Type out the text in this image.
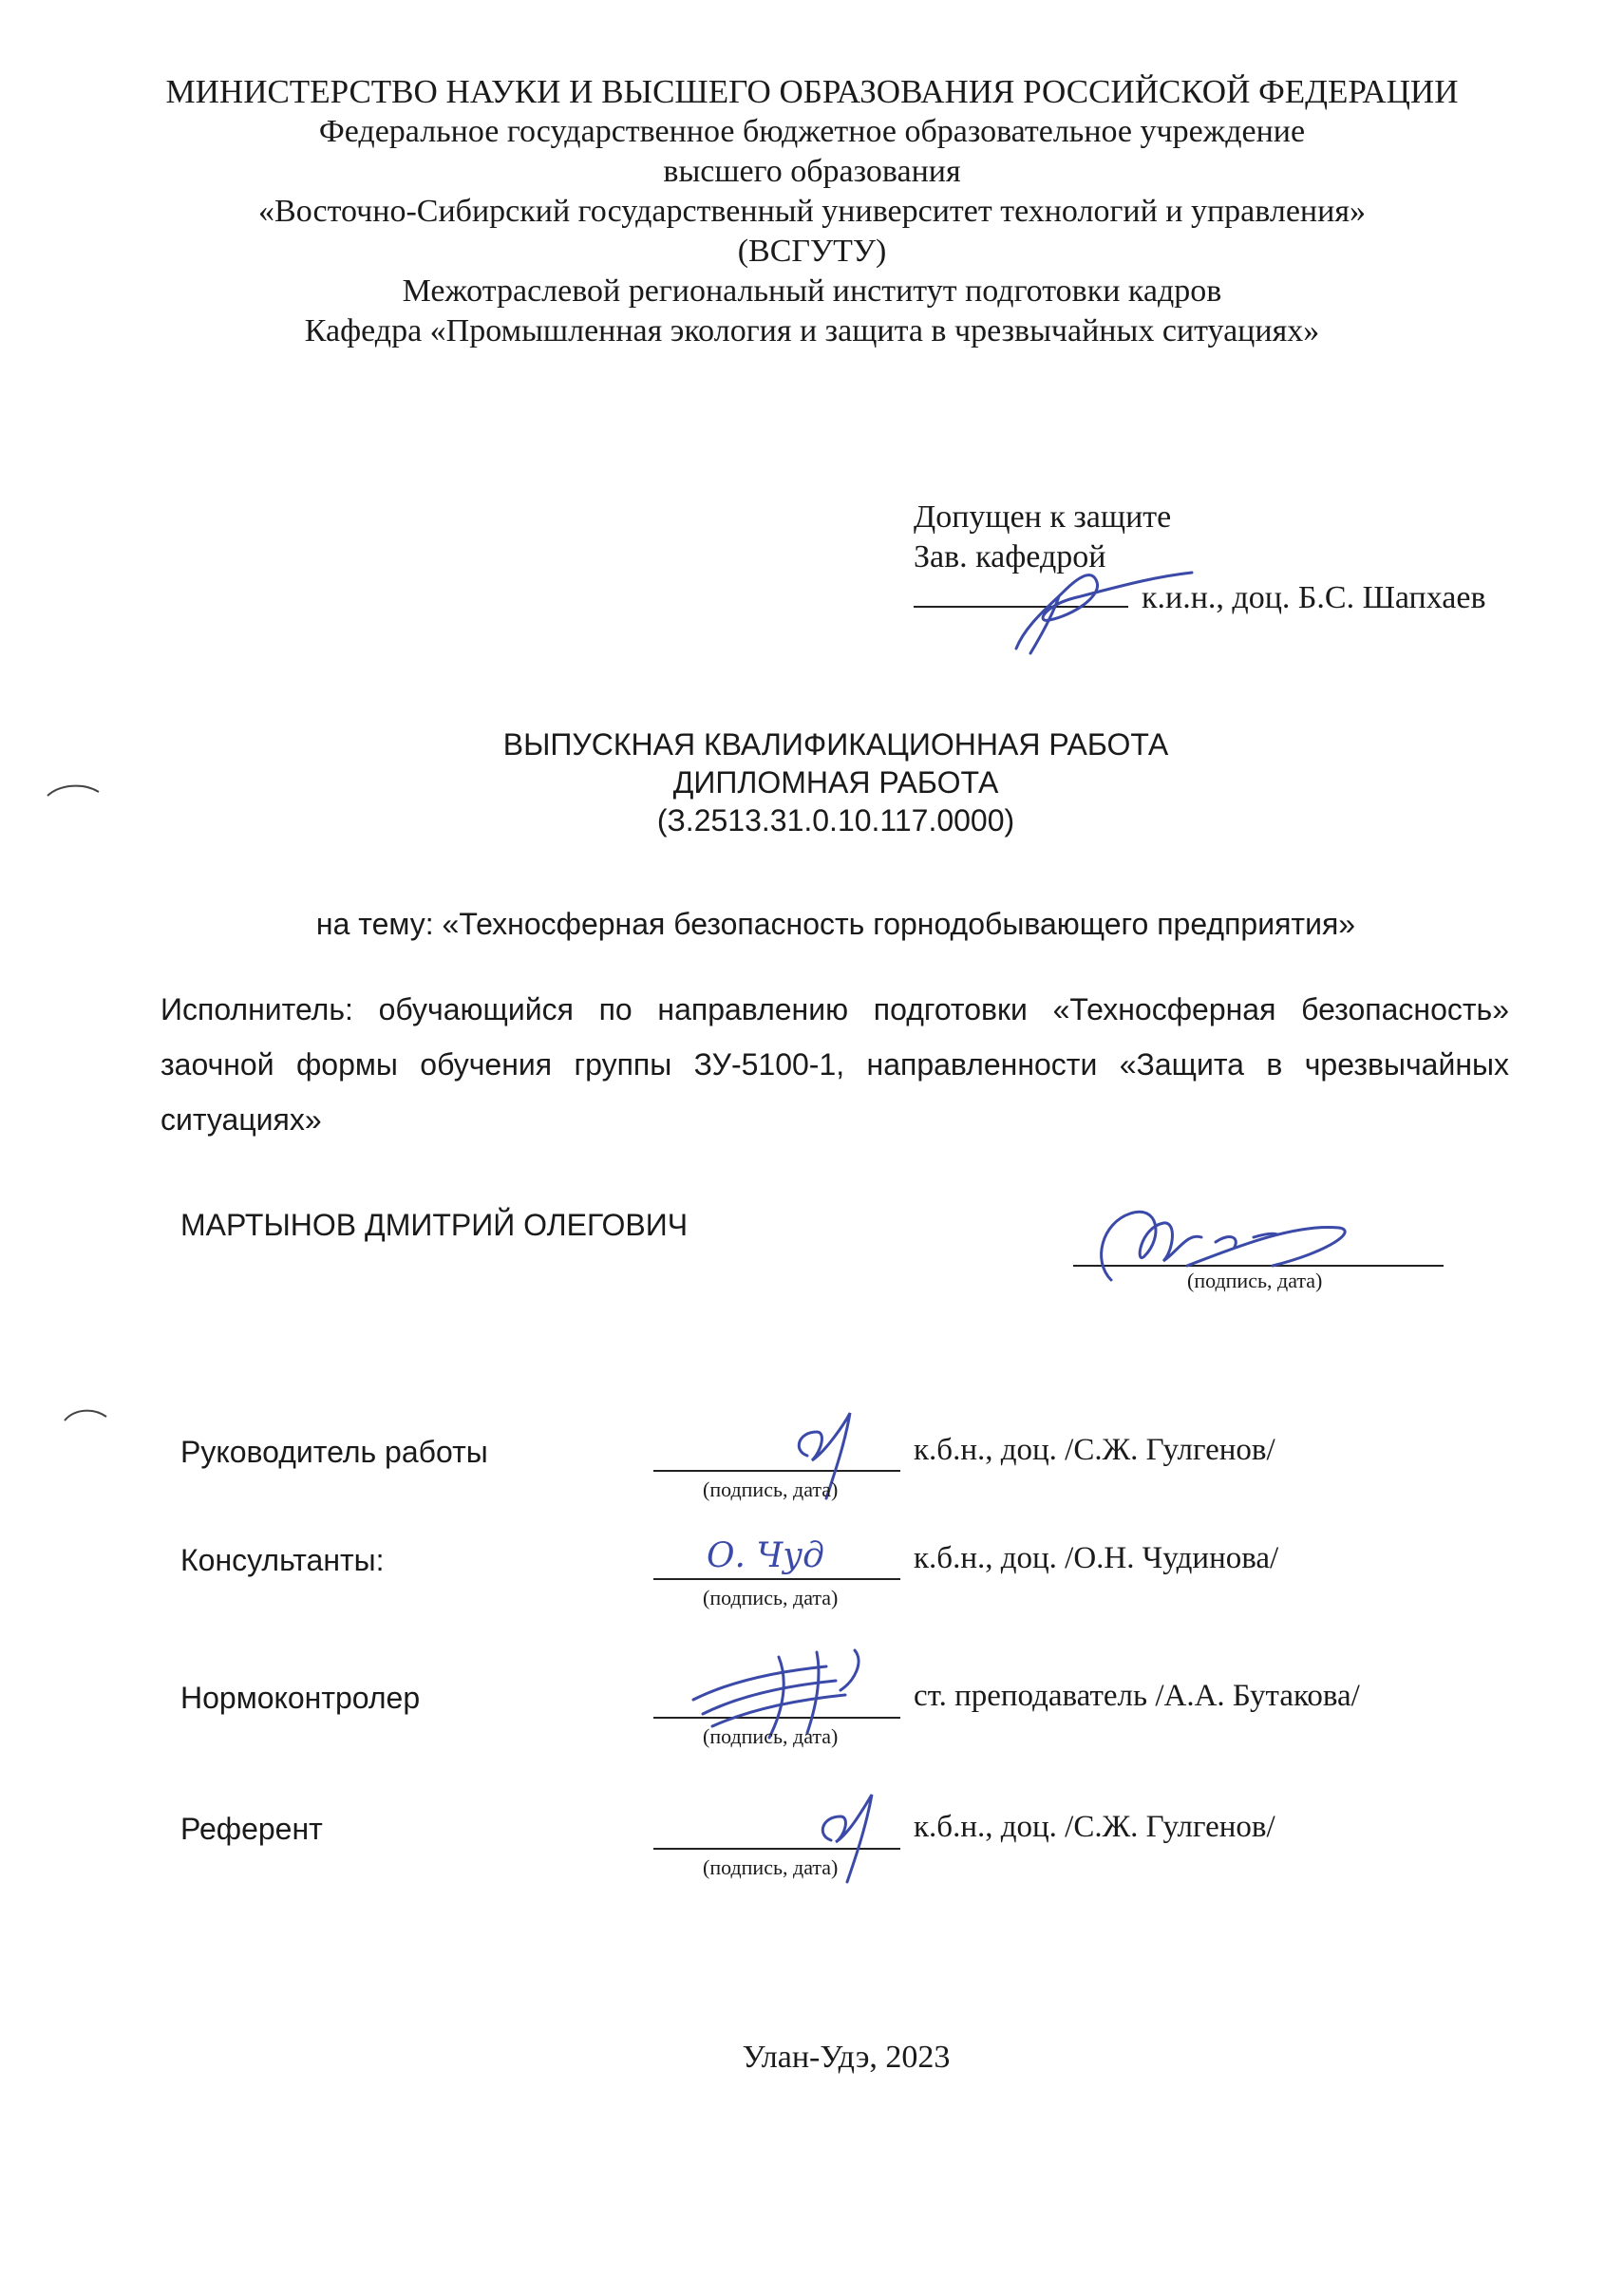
МИНИСТЕРСТВО НАУКИ И ВЫСШЕГО ОБРАЗОВАНИЯ РОССИЙСКОЙ ФЕДЕРАЦИИ
Федеральное государственное бюджетное образовательное учреждение
высшего образования
«Восточно-Сибирский государственный университет технологий и управления»
(ВСГУТУ)
Межотраслевой региональный институт подготовки кадров
Кафедра «Промышленная экология и защита в чрезвычайных ситуациях»
Допущен к защите
Зав. кафедрой
к.и.н., доц. Б.С. Шапхаев
ВЫПУСКНАЯ КВАЛИФИКАЦИОННАЯ РАБОТА
ДИПЛОМНАЯ РАБОТА
(З.2513.31.0.10.117.0000)
на тему: «Техносферная безопасность горнодобывающего предприятия»
Исполнитель: обучающийся по направлению подготовки «Техносферная безопасность» заочной формы обучения группы ЗУ-5100-1, направленности «Защита в чрезвычайных ситуациях»
МАРТЫНОВ ДМИТРИЙ ОЛЕГОВИЧ
(подпись, дата)
Руководитель работы	к.б.н., доц. /С.Ж. Гулгенов/
(подпись, дата)
Консультанты:	О. Чуд	к.б.н., доц. /О.Н. Чудинова/
(подпись, дата)
Нормоконтролер	ст. преподаватель /А.А. Бутакова/
(подпись, дата)
Референт	к.б.н., доц. /С.Ж. Гулгенов/
(подпись, дата)
Улан-Удэ, 2023
